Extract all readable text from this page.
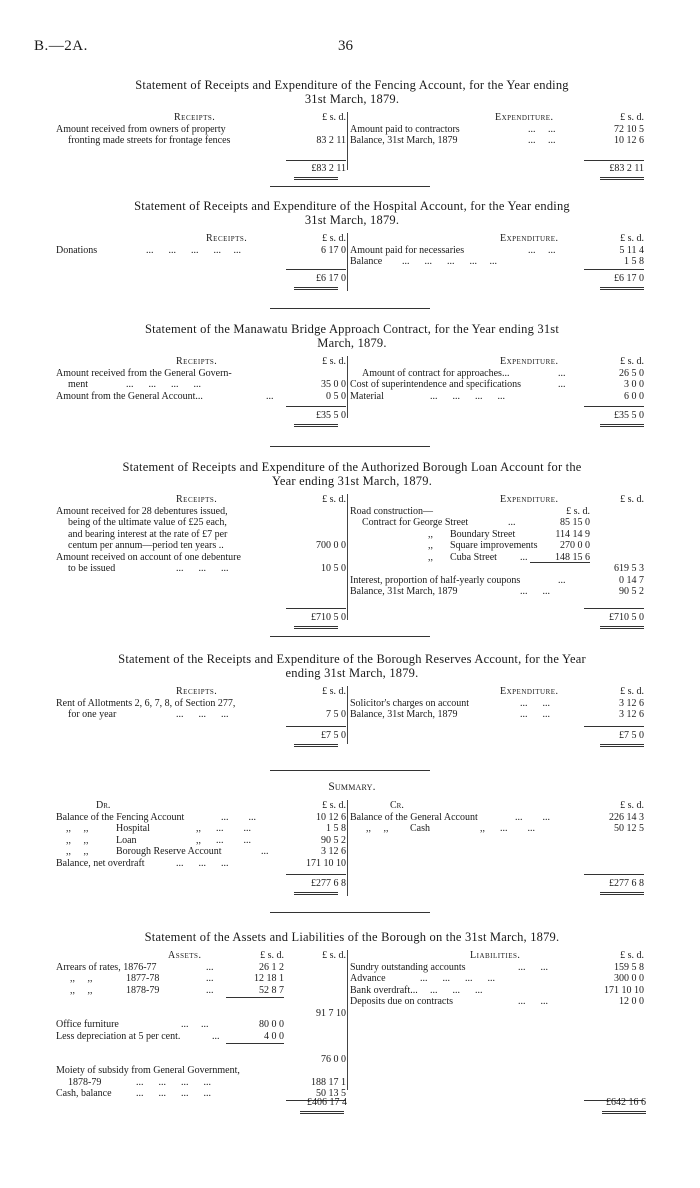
B.—2A.	36
Statement of Receipts and Expenditure of the Fencing Account, for the Year ending
31st March, 1879.
Receipts.	£ s. d.
Amount received from owners of property
fronting made streets for frontage fences	83 2 11
£83 2 11
Expenditure.	£ s. d.
Amount paid to contractors	...     ...	72 10 5
Balance, 31st March, 1879	...     ...	10 12 6
£83 2 11
Statement of Receipts and Expenditure of the Hospital Account, for the Year ending
31st March, 1879.
Receipts.	£ s. d.
Donations	...      ...      ...      ...     ...	6 17 0
£6 17 0
Expenditure.	£ s. d.
Amount paid for necessaries	...     ...	5 11 4
Balance ...      ...      ...      ...     ...	1 5 8
£6 17 0
Statement of the Manawatu Bridge Approach Contract, for the Year ending 31st
March, 1879.
Receipts.	£ s. d.
Amount received from the General Govern-
ment	...      ...      ...      ...	35 0 0
Amount from the General Account...	...	0 5 0
£35 5 0
Expenditure.	£ s. d.
Amount of contract for approaches...	...	26 5 0
Cost of superintendence and specifications	...	3 0 0
Material	...      ...      ...      ...	6 0 0
£35 5 0
Statement of Receipts and Expenditure of the Authorized Borough Loan Account for the
Year ending 31st March, 1879.
Receipts.	£ s. d.
Amount received for 28 debentures issued,
being of the ultimate value of £25 each,
and bearing interest at the rate of £7 per
centum per annum—period ten years ..	700 0 0
Amount received on account of one debenture
to be issued	...      ...      ...	10 5 0
£710 5 0
Expenditure.	£ s. d.
Road construction—	£ s. d.
Contract for George Street	...	85 15 0
,, Boundary Street	114 14 9
,, Square improvements	270 0 0
,, Cuba Street ...	148 15 6
619 5 3
Interest, proportion of half-yearly coupons	...	0 14 7
Balance, 31st March, 1879	...      ...	90 5 2
£710 5 0
Statement of the Receipts and Expenditure of the Borough Reserves Account, for the Year
ending 31st March, 1879.
Receipts.	£ s. d.
Rent of Allotments 2, 6, 7, 8, of Section 277,
for one year	...      ...      ...	7 5 0
£7 5 0
Expenditure.	£ s. d.
Solicitor's charges on account	...      ...	3 12 6
Balance, 31st March, 1879	...      ...	3 12 6
£7 5 0
Summary.
Dr.	£ s. d.
Balance of the Fencing Account	...        ...	10 12 6
,,     ,,	Hospital	,,      ...        ...	1 5 8
,,     ,,	Loan	,,      ...        ...	90 5 2
,,     ,,	Borough Reserve Account	...	3 12 6
Balance, net overdraft	...      ...      ...	171 10 10
£277 6 8
Cr.	£ s. d.
Balance of the General Account	...        ...	226 14 3
,,     ,, Cash	,,      ...        ...	50 12 5
£277 6 8
Statement of the Assets and Liabilities of the Borough on the 31st March, 1879.
Assets.	£ s. d.	£ s. d.
Arrears of rates, 1876-77	...	26 1 2
,,     ,,	1877-78	...	12 18 1
,,     ,,	1878-79	...	52 8 7
91 7 10
Office furniture	...     ...	80 0 0
Less depreciation at 5 per cent.	...	4 0 0
76 0 0
Moiety of subsidy from General Government,
1878-79	...      ...      ...      ...	188 17 1
Cash, balance ...      ...      ...      ...	50 13 5
Liabilities.	£ s. d.
Sundry outstanding accounts	...      ...	159 5 8
Advance	...      ...      ...      ...	300 0 0
Bank overdraft... ...      ...      ...	171 10 10
Deposits due on contracts	...      ...	12 0 0
£406 17 4	£642 16 6
